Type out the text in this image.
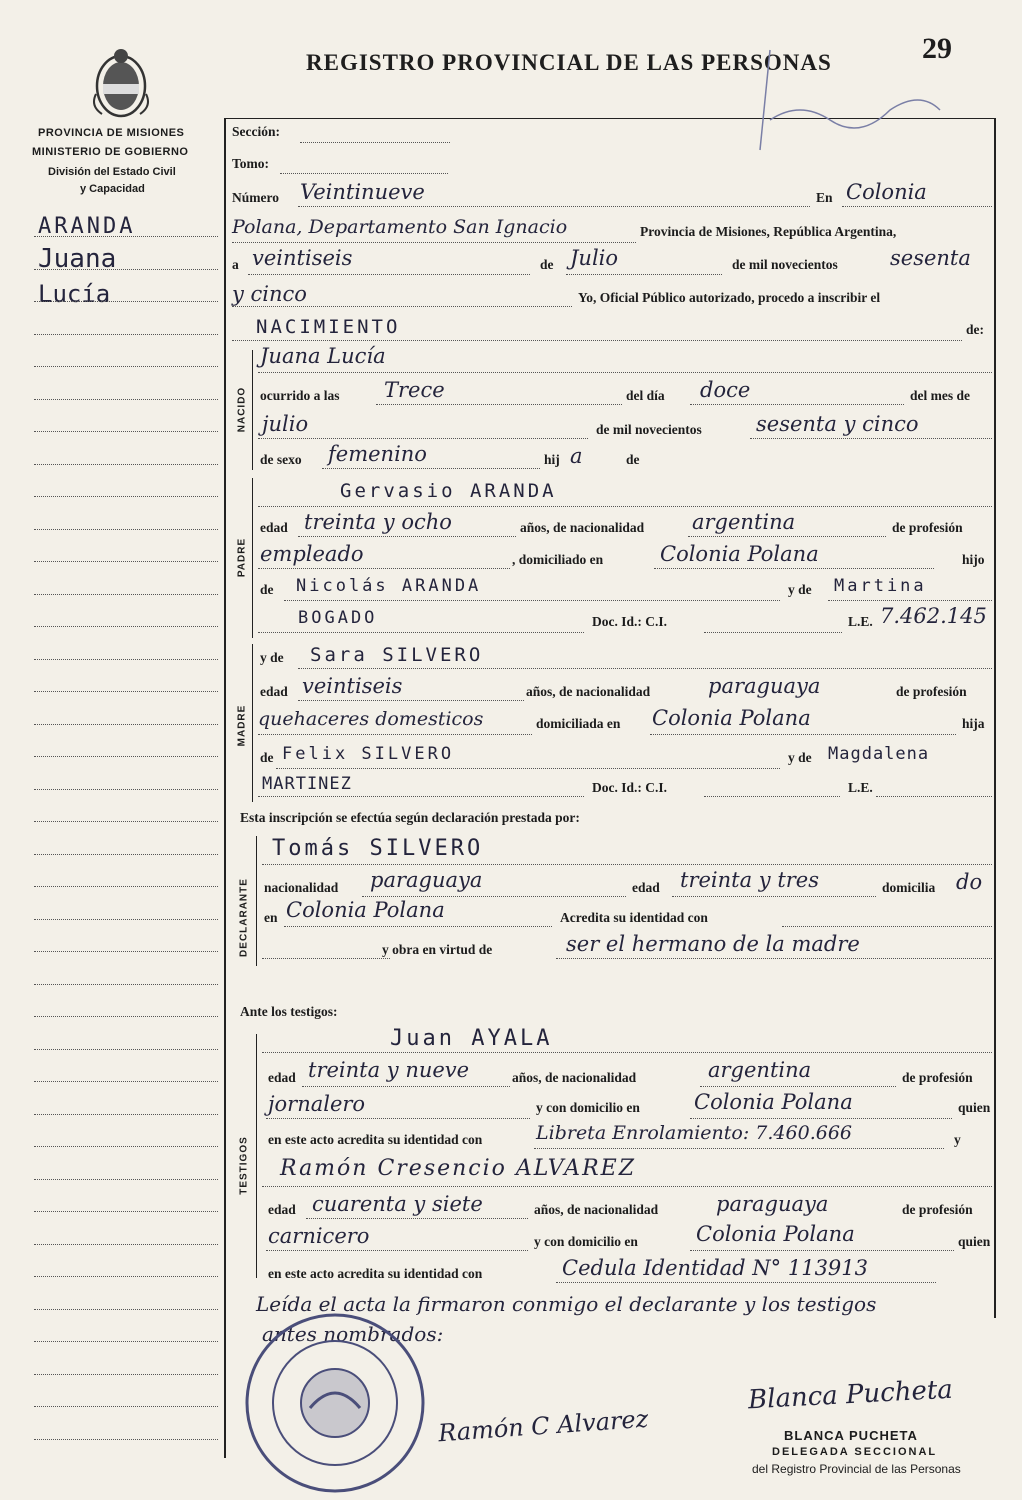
REGISTRO PROVINCIAL DE LAS PERSONAS	29
PROVINCIA DE MISIONES
MINISTERIO DE GOBIERNO
División del Estado Civil
y Capacidad
ARANDA
Juana
Lucía
Sección:
Tomo:
Número Veintinueve	En Colonia
Polana, Departamento San Ignacio	Provincia de Misiones, República Argentina,
a veintiseis	de Julio	de mil novecientos sesenta
y cinco	Yo, Oficial Público autorizado, procedo a inscribir el
NACIMIENTO	de:
NACIDO
Juana Lucía
ocurrido a las Trece	del día doce	del mes de
julio	de mil novecientos	sesenta y cinco
de sexo femenino	hij a	de
PADRE
Gervasio ARANDA
edad treinta y ocho	años, de nacionalidad argentina	de profesión
empleado	, domiciliado en	Colonia Polana	hijo
de Nicolás ARANDA	y de Martina
BOGADO	Doc. Id.: C.I.	L.E. 7.462.145
MADRE
y de Sara SILVERO
edad veintiseis	años, de nacionalidad	paraguaya	de profesión
quehaceres domesticos	domiciliada en Colonia Polana	hija
de Felix SILVERO	y de Magdalena
MARTINEZ	Doc. Id.: C.I.	L.E.
Esta inscripción se efectúa según declaración prestada por:
DECLARANTE
Tomás SILVERO
nacionalidad paraguaya	edad treinta y tres	domicilia do
en Colonia Polana	Acredita su identidad con
y obra en virtud de	ser el hermano de la madre
Ante los testigos:
TESTIGOS
Juan AYALA
edad treinta y nueve	años, de nacionalidad	argentina	de profesión
jornalero	y con domicilio en	Colonia Polana	quien
en este acto acredita su identidad con	Libreta Enrolamiento: 7.460.666	y
Ramón Cresencio ALVAREZ
edad cuarenta y siete	años, de nacionalidad	paraguaya	de profesión
carnicero	y con domicilio en	Colonia Polana	quien
en este acto acredita su identidad con	Cedula Identidad N° 113913
Leída el acta la firmaron conmigo el declarante y los testigos
antes nombrados:
Ramón C Alvarez
Blanca Pucheta
BLANCA PUCHETA
DELEGADA SECCIONAL
del Registro Provincial de las Personas
